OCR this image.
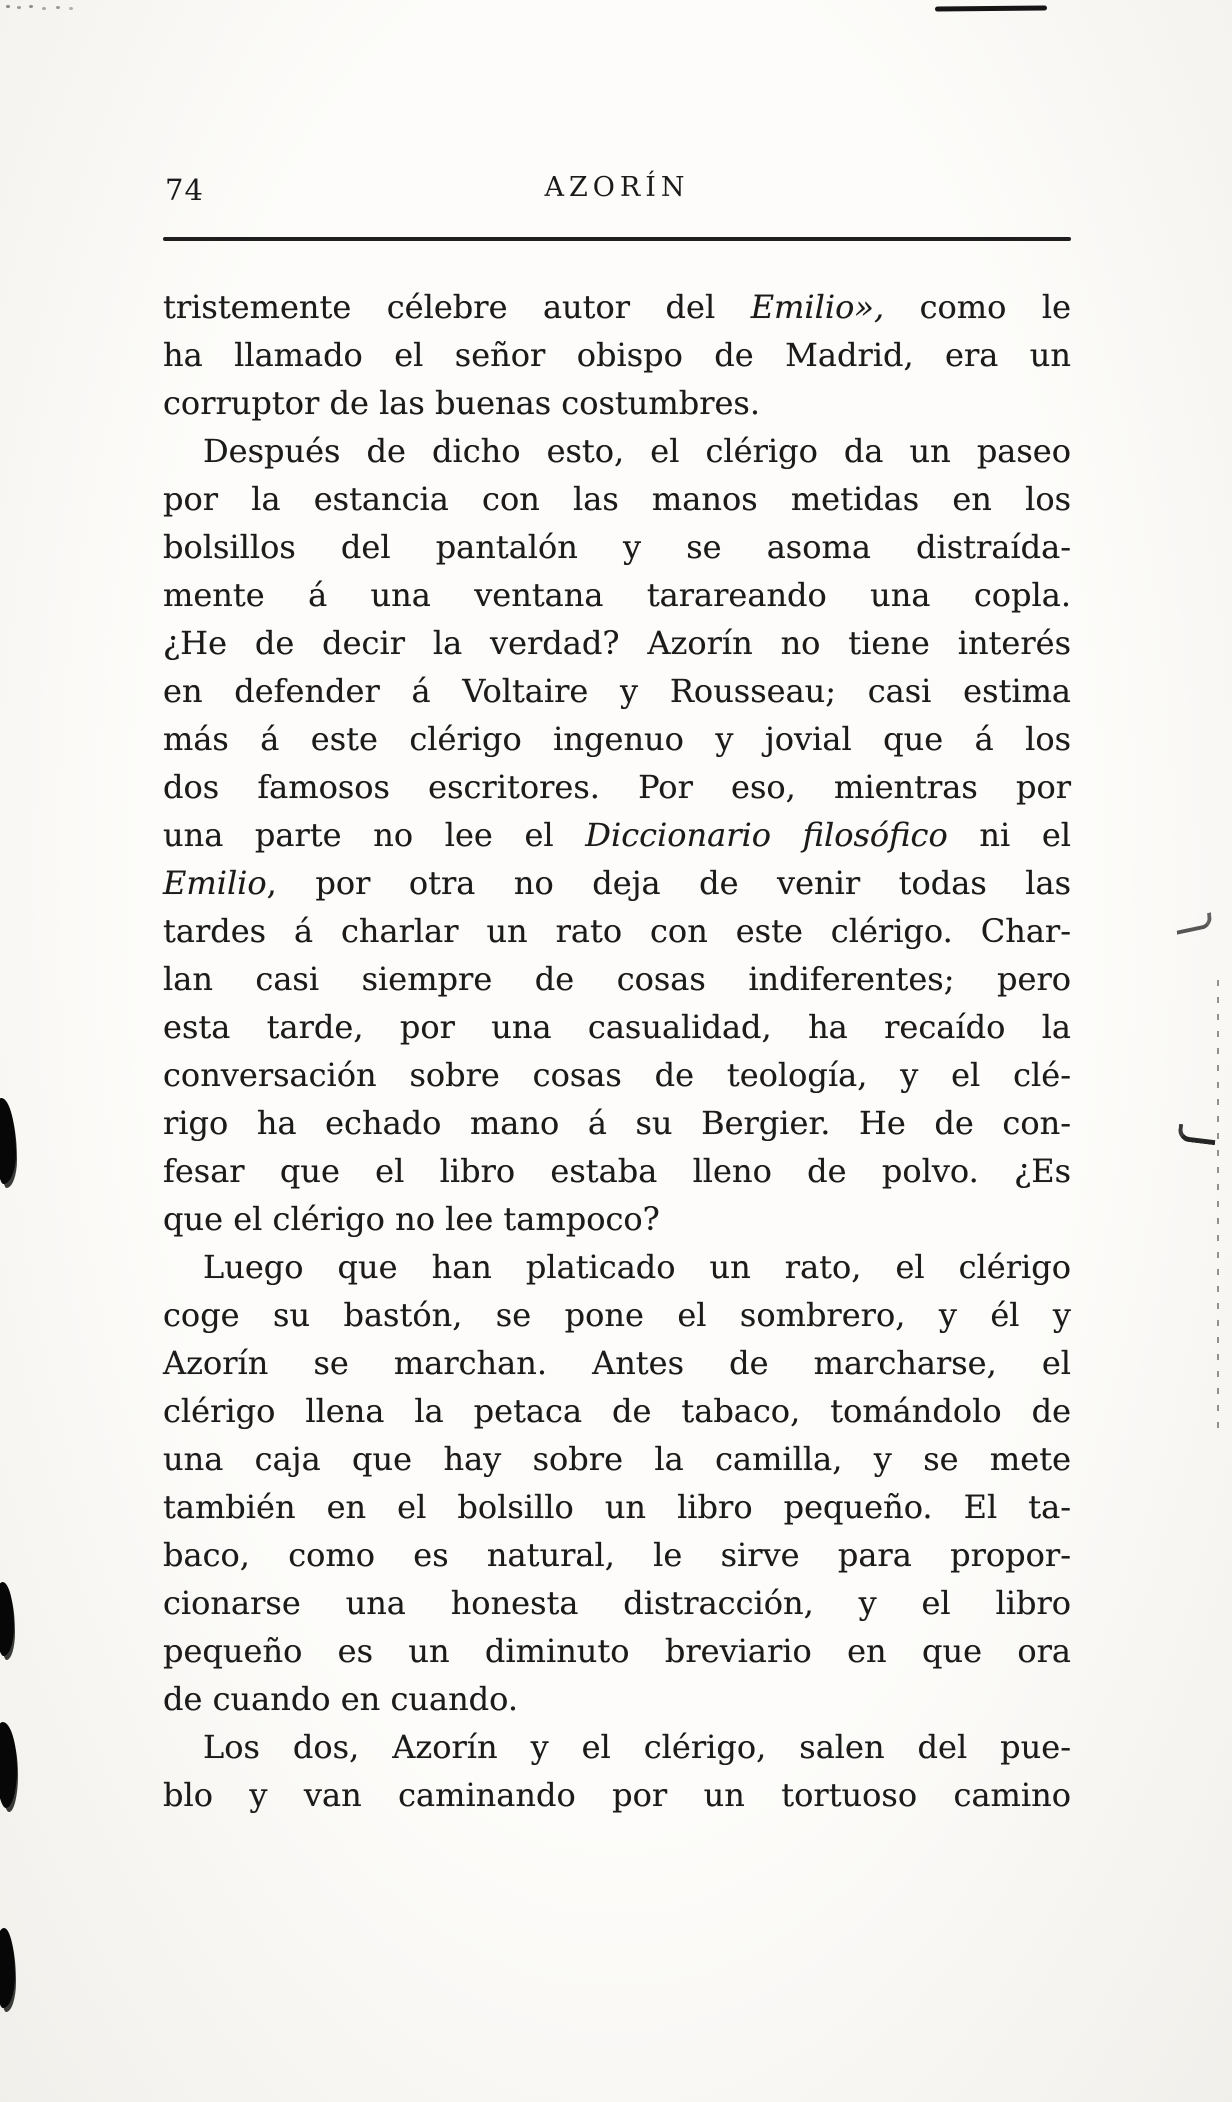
74	AZORÍN
tristemente célebre autor del Emilio», como le
ha llamado el señor obispo de Madrid, era un
corruptor de las buenas costumbres.
Después de dicho esto, el clérigo da un paseo
por la estancia con las manos metidas en los
bolsillos del pantalón y se asoma distraída-
mente á una ventana tarareando una copla.
¿He de decir la verdad? Azorín no tiene interés
en defender á Voltaire y Rousseau; casi estima
más á este clérigo ingenuo y jovial que á los
dos famosos escritores. Por eso, mientras por
una parte no lee el Diccionario filosófico ni el
Emilio, por otra no deja de venir todas las
tardes á charlar un rato con este clérigo. Char-
lan casi siempre de cosas indiferentes; pero
esta tarde, por una casualidad, ha recaído la
conversación sobre cosas de teología, y el clé-
rigo ha echado mano á su Bergier. He de con-
fesar que el libro estaba lleno de polvo. ¿Es
que el clérigo no lee tampoco?
Luego que han platicado un rato, el clérigo
coge su bastón, se pone el sombrero, y él y
Azorín se marchan. Antes de marcharse, el
clérigo llena la petaca de tabaco, tomándolo de
una caja que hay sobre la camilla, y se mete
también en el bolsillo un libro pequeño. El ta-
baco, como es natural, le sirve para propor-
cionarse una honesta distracción, y el libro
pequeño es un diminuto breviario en que ora
de cuando en cuando.
Los dos, Azorín y el clérigo, salen del pue-
blo y van caminando por un tortuoso camino
